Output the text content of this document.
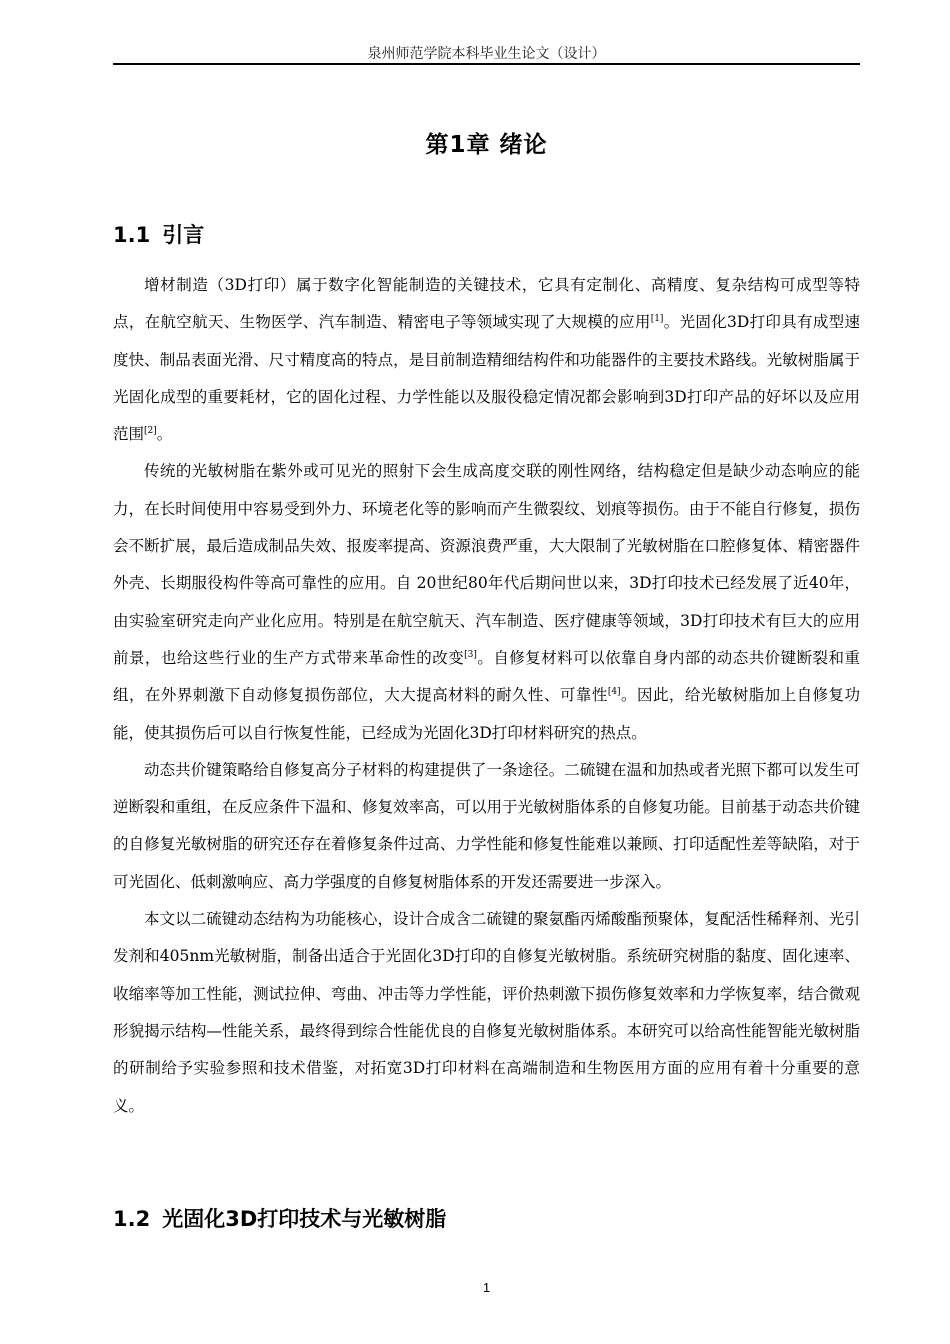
泉州师范学院本科毕业生论文（设计）
第1章 绪论
1.1 引言

增材制造（3D打印）属于数字化智能制造的关键技术，它具有定制化、高精度、复杂结构可成型等特点，在航空航天、生物医学、汽车制造、精密电子等领域实现了大规模的应用[1]。光固化3D打印具有成型速度快、制品表面光滑、尺寸精度高的特点，是目前制造精细结构件和功能器件的主要技术路线。光敏树脂属于光固化成型的重要耗材，它的固化过程、力学性能以及服役稳定情况都会影响到3D打印产品的好坏以及应用范围[2]。

传统的光敏树脂在紫外或可见光的照射下会生成高度交联的刚性网络，结构稳定但是缺少动态响应的能力，在长时间使用中容易受到外力、环境老化等的影响而产生微裂纹、划痕等损伤。由于不能自行修复，损伤会不断扩展，最后造成制品失效、报废率提高、资源浪费严重，大大限制了光敏树脂在口腔修复体、精密器件外壳、长期服役构件等高可靠性的应用。自 20世纪80年代后期问世以来，3D打印技术已经发展了近40年，由实验室研究走向产业化应用。特别是在航空航天、汽车制造、医疗健康等领域，3D打印技术有巨大的应用前景，也给这些行业的生产方式带来革命性的改变[3]。自修复材料可以依靠自身内部的动态共价键断裂和重组，在外界刺激下自动修复损伤部位，大大提高材料的耐久性、可靠性[4]。因此，给光敏树脂加上自修复功能，使其损伤后可以自行恢复性能，已经成为光固化3D打印材料研究的热点。

动态共价键策略给自修复高分子材料的构建提供了一条途径。二硫键在温和加热或者光照下都可以发生可逆断裂和重组，在反应条件下温和、修复效率高，可以用于光敏树脂体系的自修复功能。目前基于动态共价键的自修复光敏树脂的研究还存在着修复条件过高、力学性能和修复性能难以兼顾、打印适配性差等缺陷，对于可光固化、低刺激响应、高力学强度的自修复树脂体系的开发还需要进一步深入。

本文以二硫键动态结构为功能核心，设计合成含二硫键的聚氨酯丙烯酸酯预聚体，复配活性稀释剂、光引发剂和405nm光敏树脂，制备出适合于光固化3D打印的自修复光敏树脂。系统研究树脂的黏度、固化速率、收缩率等加工性能，测试拉伸、弯曲、冲击等力学性能，评价热刺激下损伤修复效率和力学恢复率，结合微观形貌揭示结构—性能关系，最终得到综合性能优良的自修复光敏树脂体系。本研究可以给高性能智能光敏树脂的研制给予实验参照和技术借鉴，对拓宽3D打印材料在高端制造和生物医用方面的应用有着十分重要的意义。

1.2 光固化3D打印技术与光敏树脂
1
